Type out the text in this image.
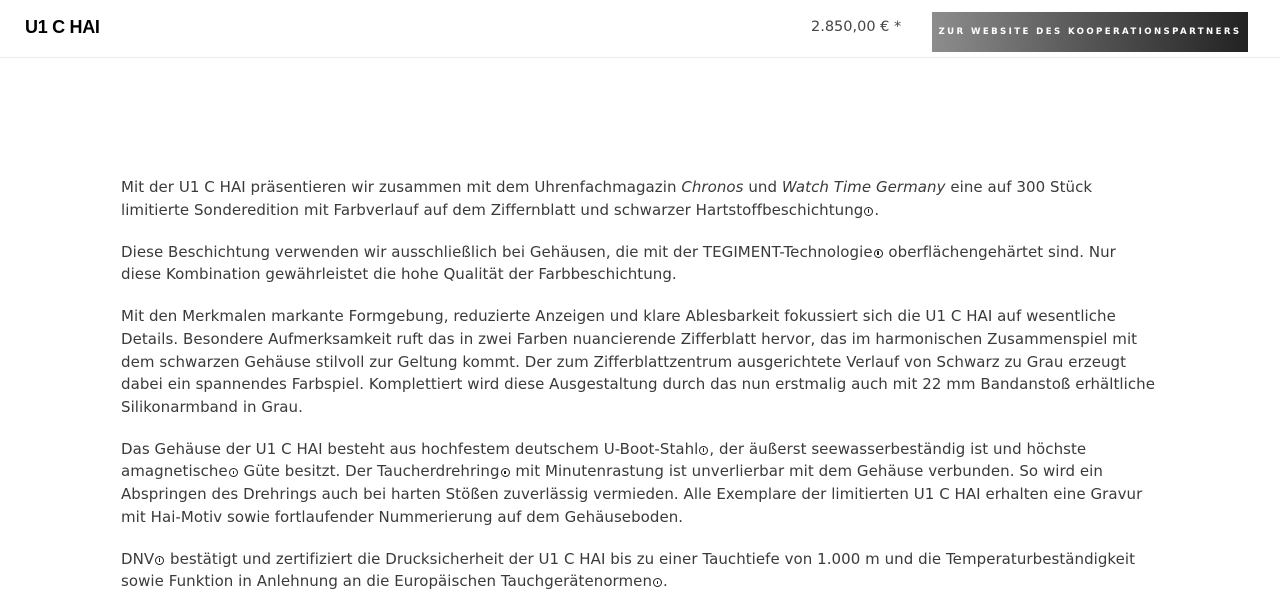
U1 C HAI	2.850,00 € *	ZUR WEBSITE DES KOOPERATIONSPARTNERS

Mit der U1 C HAI präsentieren wir zusammen mit dem Uhrenfachmagazin Chronos und Watch Time Germany eine auf 300 Stück limitierte Sonderedition mit Farbverlauf auf dem Ziffernblatt und schwarzer Hartstoffbeschichtung .

Diese Beschichtung verwenden wir ausschließlich bei Gehäusen, die mit der TEGIMENT-Technologie oberflächengehärtet sind. Nur diese Kombination gewährleistet die hohe Qualität der Farbbeschichtung.

Mit den Merkmalen markante Formgebung, reduzierte Anzeigen und klare Ablesbarkeit fokussiert sich die U1 C HAI auf wesentliche Details. Besondere Aufmerksamkeit ruft das in zwei Farben nuancierende Zifferblatt hervor, das im harmonischen Zusammenspiel mit dem schwarzen Gehäuse stilvoll zur Geltung kommt. Der zum Zifferblattzentrum ausgerichtete Verlauf von Schwarz zu Grau erzeugt dabei ein spannendes Farbspiel. Komplettiert wird diese Ausgestaltung durch das nun erstmalig auch mit 22 mm Bandanstoß erhältliche Silikonarmband in Grau.

Das Gehäuse der U1 C HAI besteht aus hochfestem deutschem U-Boot-Stahl , der äußerst seewasserbeständig ist und höchste amagnetische Güte besitzt. Der Taucherdrehring mit Minutenrastung ist unverlierbar mit dem Gehäuse verbunden. So wird ein Abspringen des Drehrings auch bei harten Stößen zuverlässig vermieden. Alle Exemplare der limitierten U1 C HAI erhalten eine Gravur mit Hai-Motiv sowie fortlaufender Nummerierung auf dem Gehäuseboden.

DNV bestätigt und zertifiziert die Drucksicherheit der U1 C HAI bis zu einer Tauchtiefe von 1.000 m und die Temperaturbeständigkeit sowie Funktion in Anlehnung an die Europäischen Tauchgerätenormen .
